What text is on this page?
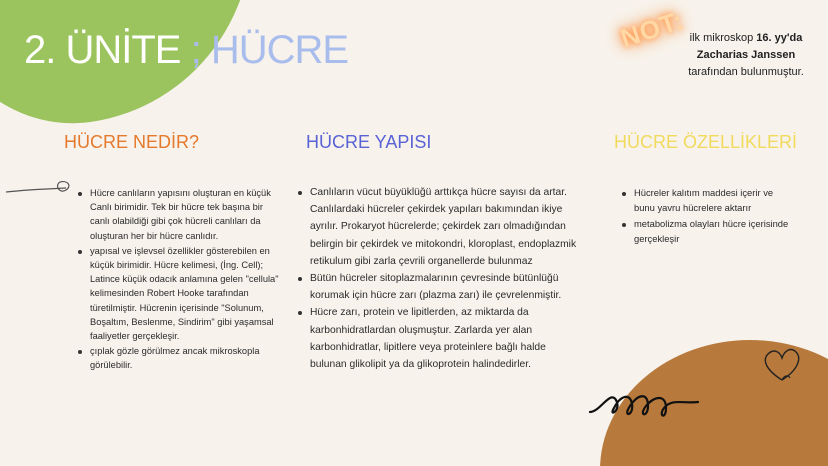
2. ÜNİTE ; HÜCRE	NOT: ilk mikroskop 16. yy'da Zacharias Janssen
tarafından bulunmuştur.
HÜCRE NEDİR?
Hücre canlıların yapısını oluşturan en küçük Canlı birimidir. Tek bir hücre tek başına bir canlı olabildiği gibi çok hücreli canlıları da oluşturan her bir hücre canlıdır.
yapısal ve işlevsel özellikler gösterebilen en küçük birimidir. Hücre kelimesi, (İng. Cell); Latince küçük odacık anlamına gelen "cellula" kelimesinden Robert Hooke tarafından türetilmiştir. Hücrenin içerisinde "Solunum, Boşaltım, Beslenme, Sindirim" gibi yaşamsal faaliyetler gerçekleşir.
çıplak gözle görülmez ancak mikroskopla görülebilir.
HÜCRE YAPISI
Canlıların vücut büyüklüğü arttıkça hücre sayısı da artar. Canlılardaki hücreler çekirdek yapıları bakımından ikiye ayrılır. Prokaryot hücrelerde; çekirdek zarı olmadığından belirgin bir çekirdek ve mitokondri, kloroplast, endoplazmik retikulum gibi zarla çevrili organellerde bulunmaz
Bütün hücreler sitoplazmalarının çevresinde bütünlüğü korumak için hücre zarı (plazma zarı) ile çevrelenmiştir.
Hücre zarı, protein ve lipitlerden, az miktarda da karbonhidratlardan oluşmuştur. Zarlarda yer alan karbonhidratlar, lipitlere veya proteinlere bağlı halde bulunan glikolipit ya da glikoprotein halindedirler.
HÜCRE ÖZELLİKLERİ
Hücreler kalıtım maddesi içerir ve bunu yavru hücrelere aktarır
metabolizma olayları hücre içerisinde gerçekleşir
